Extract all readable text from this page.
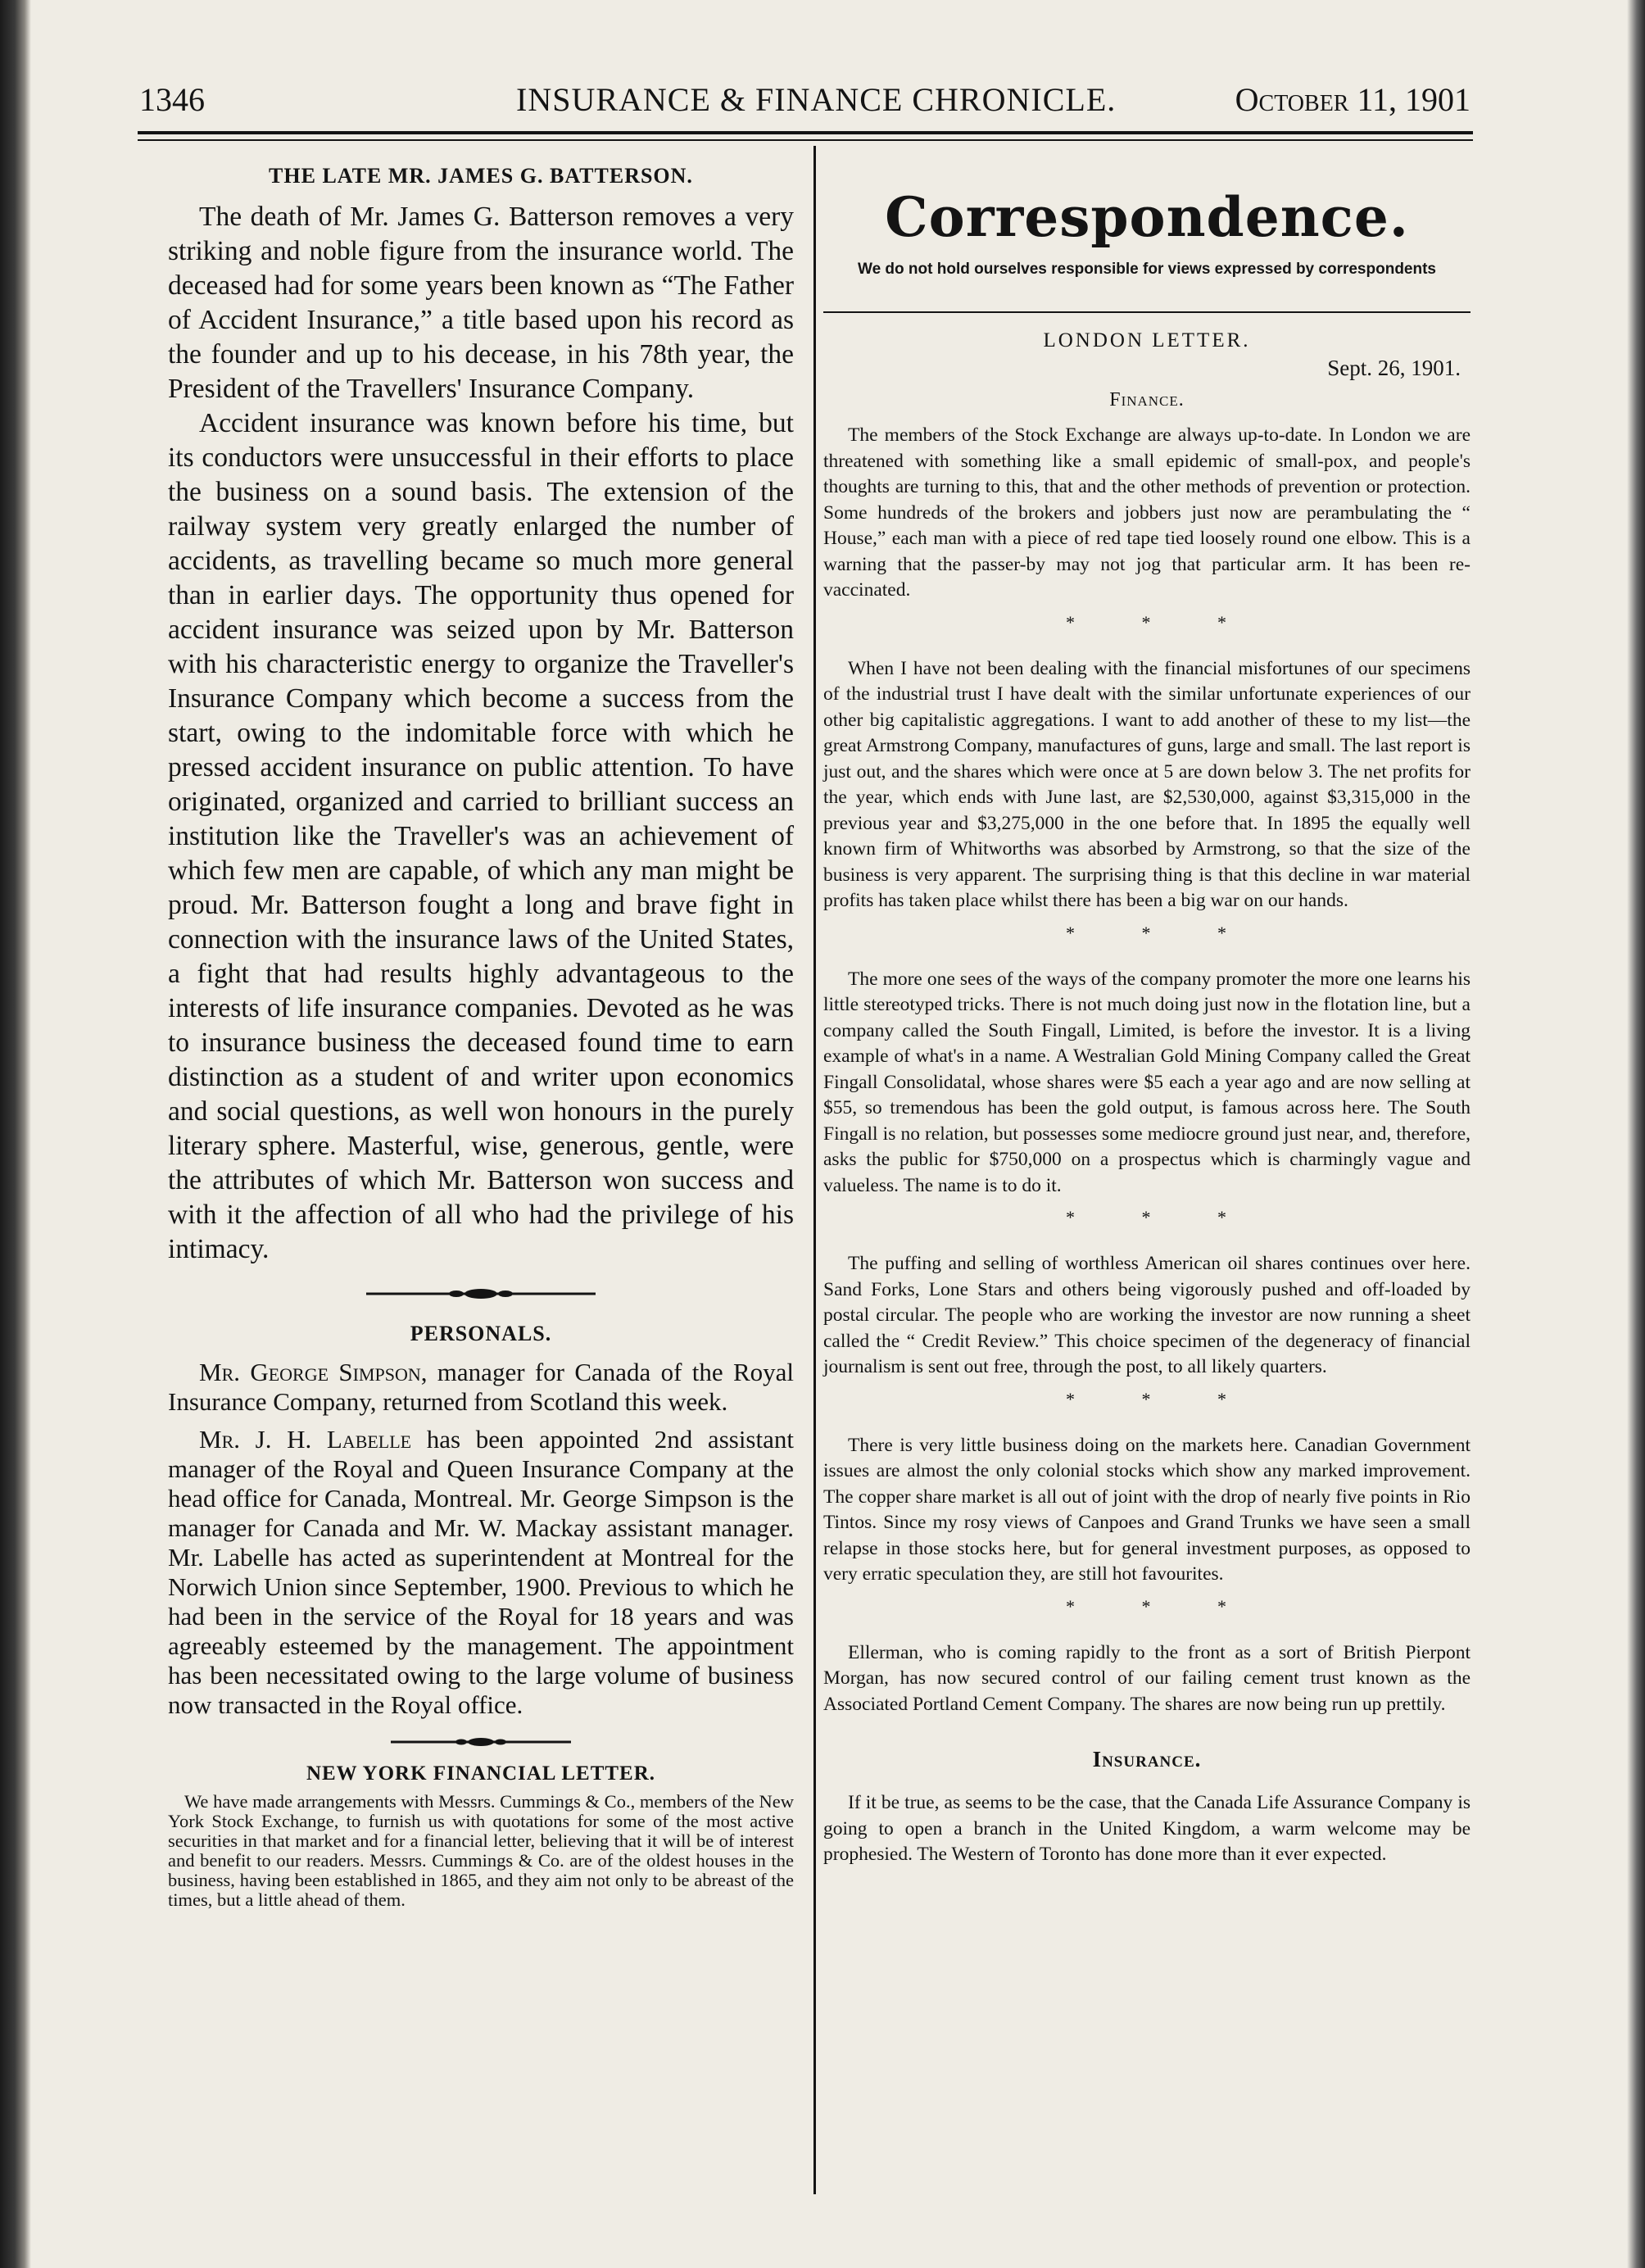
1346	INSURANCE & FINANCE CHRONICLE.	October 11, 1901
THE LATE MR. JAMES G. BATTERSON.

The death of Mr. James G. Batterson removes a very striking and noble figure from the insurance world. The deceased had for some years been known as “The Father of Accident Insurance,” a title based upon his record as the founder and up to his decease, in his 78th year, the President of the Travellers' Insurance Company.

Accident insurance was known before his time, but its conductors were unsuccessful in their efforts to place the business on a sound basis. The extension of the railway system very greatly enlarged the number of accidents, as travelling became so much more general than in earlier days. The opportunity thus opened for accident insurance was seized upon by Mr. Batterson with his characteristic energy to organize the Traveller's Insurance Company which become a success from the start, owing to the indomitable force with which he pressed accident insurance on public attention. To have originated, organized and carried to brilliant success an institution like the Traveller's was an achievement of which few men are capable, of which any man might be proud. Mr. Batterson fought a long and brave fight in connection with the insurance laws of the United States, a fight that had results highly advantageous to the interests of life insurance companies. Devoted as he was to insurance business the deceased found time to earn distinction as a student of and writer upon economics and social questions, as well won honours in the purely literary sphere. Masterful, wise, generous, gentle, were the attributes of which Mr. Batterson won success and with it the affection of all who had the privilege of his intimacy.

PERSONALS.

Mr. George Simpson, manager for Canada of the Royal Insurance Company, returned from Scotland this week.

Mr. J. H. Labelle has been appointed 2nd assistant manager of the Royal and Queen Insurance Company at the head office for Canada, Montreal. Mr. George Simpson is the manager for Canada and Mr. W. Mackay assistant manager. Mr. Labelle has acted as superintendent at Montreal for the Norwich Union since September, 1900. Previous to which he had been in the service of the Royal for 18 years and was agreeably esteemed by the management. The appointment has been necessitated owing to the large volume of business now transacted in the Royal office.

NEW YORK FINANCIAL LETTER.

We have made arrangements with Messrs. Cummings & Co., members of the New York Stock Exchange, to furnish us with quotations for some of the most active securities in that market and for a financial letter, believing that it will be of interest and benefit to our readers. Messrs. Cummings & Co. are of the oldest houses in the business, having been established in 1865, and they aim not only to be abreast of the times, but a little ahead of them.

Correspondence.

We do not hold ourselves responsible for views expressed by correspondents

LONDON LETTER.

Sept. 26, 1901.

Finance.

The members of the Stock Exchange are always up-to-date. In London we are threatened with something like a small epidemic of small-pox, and people's thoughts are turning to this, that and the other methods of prevention or protection. Some hundreds of the brokers and jobbers just now are perambulating the “ House,” each man with a piece of red tape tied loosely round one elbow. This is a warning that the passer-by may not jog that particular arm. It has been re-vaccinated.

* * *

When I have not been dealing with the financial misfortunes of our specimens of the industrial trust I have dealt with the similar unfortunate experiences of our other big capitalistic aggregations. I want to add another of these to my list—the great Armstrong Company, manufactures of guns, large and small. The last report is just out, and the shares which were once at 5 are down below 3. The net profits for the year, which ends with June last, are $2,530,000, against $3,315,000 in the previous year and $3,275,000 in the one before that. In 1895 the equally well known firm of Whitworths was absorbed by Armstrong, so that the size of the business is very apparent. The surprising thing is that this decline in war material profits has taken place whilst there has been a big war on our hands.

* * *

The more one sees of the ways of the company promoter the more one learns his little stereotyped tricks. There is not much doing just now in the flotation line, but a company called the South Fingall, Limited, is before the investor. It is a living example of what's in a name. A Westralian Gold Mining Company called the Great Fingall Consolidatal, whose shares were $5 each a year ago and are now selling at $55, so tremendous has been the gold output, is famous across here. The South Fingall is no relation, but possesses some mediocre ground just near, and, therefore, asks the public for $750,000 on a prospectus which is charmingly vague and valueless. The name is to do it.

* * *

The puffing and selling of worthless American oil shares continues over here. Sand Forks, Lone Stars and others being vigorously pushed and off-loaded by postal circular. The people who are working the investor are now running a sheet called the “ Credit Review.” This choice specimen of the degeneracy of financial journalism is sent out free, through the post, to all likely quarters.

* * *

There is very little business doing on the markets here. Canadian Government issues are almost the only colonial stocks which show any marked improvement. The copper share market is all out of joint with the drop of nearly five points in Rio Tintos. Since my rosy views of Canpoes and Grand Trunks we have seen a small relapse in those stocks here, but for general investment purposes, as opposed to very erratic speculation they, are still hot favourites.

* * *

Ellerman, who is coming rapidly to the front as a sort of British Pierpont Morgan, has now secured control of our failing cement trust known as the Associated Portland Cement Company. The shares are now being run up prettily.

Insurance.

If it be true, as seems to be the case, that the Canada Life Assurance Company is going to open a branch in the United Kingdom, a warm welcome may be prophesied. The Western of Toronto has done more than it ever expected.
